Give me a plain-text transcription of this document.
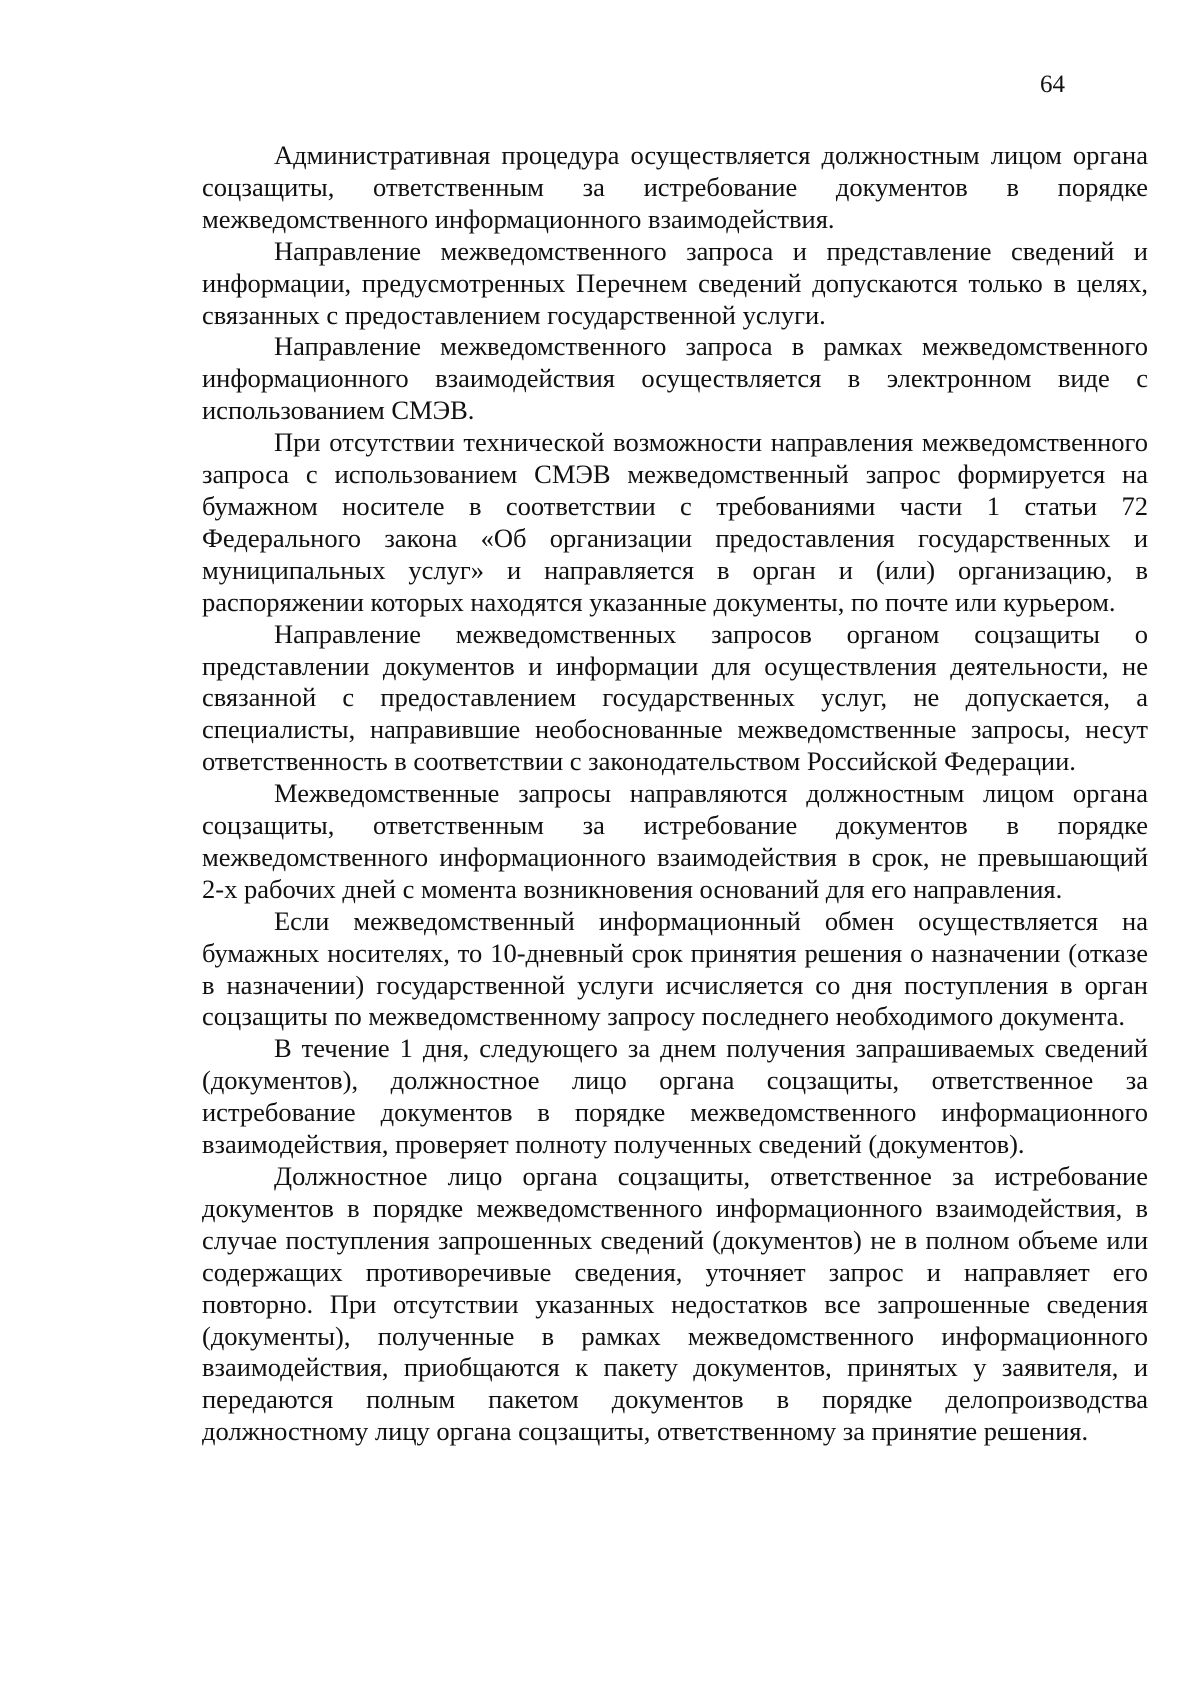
64

Административная процедура осуществляется должностным лицом органа соцзащиты, ответственным за истребование документов в порядке межведомственного информационного взаимодействия.

Направление межведомственного запроса и представление сведений и информации, предусмотренных Перечнем сведений допускаются только в целях, связанных с предоставлением государственной услуги.

Направление межведомственного запроса в рамках межведомственного информационного взаимодействия осуществляется в электронном виде с использованием СМЭВ.

При отсутствии технической возможности направления межведомственного запроса с использованием СМЭВ межведомственный запрос формируется на бумажном носителе в соответствии с требованиями части 1 статьи 72 Федерального закона «Об организации предоставления государственных и муниципальных услуг» и направляется в орган и (или) организацию, в распоряжении которых находятся указанные документы, по почте или курьером.

Направление межведомственных запросов органом соцзащиты о представлении документов и информации для осуществления деятельности, не связанной с предоставлением государственных услуг, не допускается, а специалисты, направившие необоснованные межведомственные запросы, несут ответственность в соответствии с законодательством Российской Федерации.

Межведомственные запросы направляются должностным лицом органа соцзащиты, ответственным за истребование документов в порядке межведомственного информационного взаимодействия в срок, не превышающий 2-х рабочих дней с момента возникновения оснований для его направления.

Если межведомственный информационный обмен осуществляется на бумажных носителях, то 10-дневный срок принятия решения о назначении (отказе в назначении) государственной услуги исчисляется со дня поступления в орган соцзащиты по межведомственному запросу последнего необходимого документа.

В течение 1 дня, следующего за днем получения запрашиваемых сведений (документов), должностное лицо органа соцзащиты, ответственное за истребование документов в порядке межведомственного информационного взаимодействия, проверяет полноту полученных сведений (документов).

Должностное лицо органа соцзащиты, ответственное за истребование документов в порядке межведомственного информационного взаимодействия, в случае поступления запрошенных сведений (документов) не в полном объеме или содержащих противоречивые сведения, уточняет запрос и направляет его повторно. При отсутствии указанных недостатков все запрошенные сведения (документы), полученные в рамках межведомственного информационного взаимодействия, приобщаются к пакету документов, принятых у заявителя, и передаются полным пакетом документов в порядке делопроизводства должностному лицу органа соцзащиты, ответственному за принятие решения.
